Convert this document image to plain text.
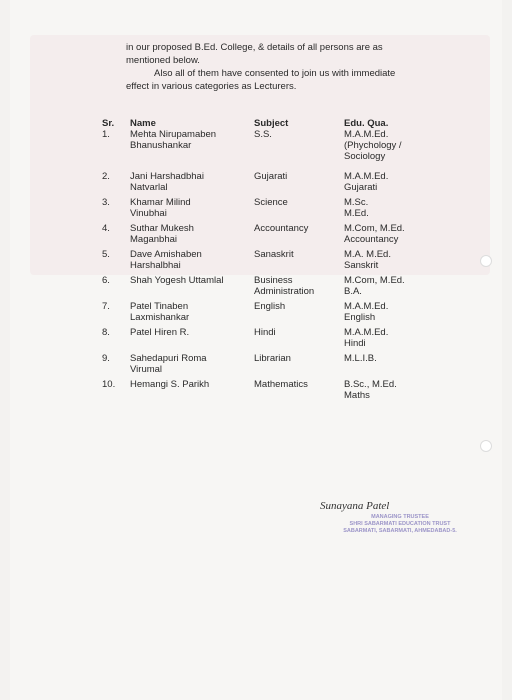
in our proposed B.Ed. College, & details of all persons are as

mentioned below.

Also all of them have consented to join us with immediate

effect in various categories as Lecturers.

Sr. Name	Subject	Edu. Qua.
1. Mehta Nirupamaben
Bhanushankar
S.S.	M.A.M.Ed.
(Phychology /
Sociology
2. Jani Harshadbhai
Natvarlal
Gujarati	M.A.M.Ed.
Gujarati
3. Khamar Milind
Vinubhai
Science	M.Sc.
M.Ed.
4. Suthar Mukesh
Maganbhai
Accountancy	M.Com, M.Ed.
Accountancy
5. Dave Amishaben
Harshalbhai
Sanaskrit	M.A. M.Ed.
Sanskrit
6. Shah Yogesh Uttamlal	Business
Administration
M.Com, M.Ed.
B.A.
7. Patel Tinaben
Laxmishankar
English	M.A.M.Ed.
English
8. Patel Hiren R.	Hindi	M.A.M.Ed.
Hindi
9. Sahedapuri Roma
Virumal
Librarian	M.L.I.B.
10. Hemangi S. Parikh	Mathematics	B.Sc., M.Ed.
Maths
Sunayana Patel
MANAGING TRUSTEE
SHRI SABARMATI EDUCATION TRUST
SABARMATI, SABARMATI, AHMEDABAD-5.
